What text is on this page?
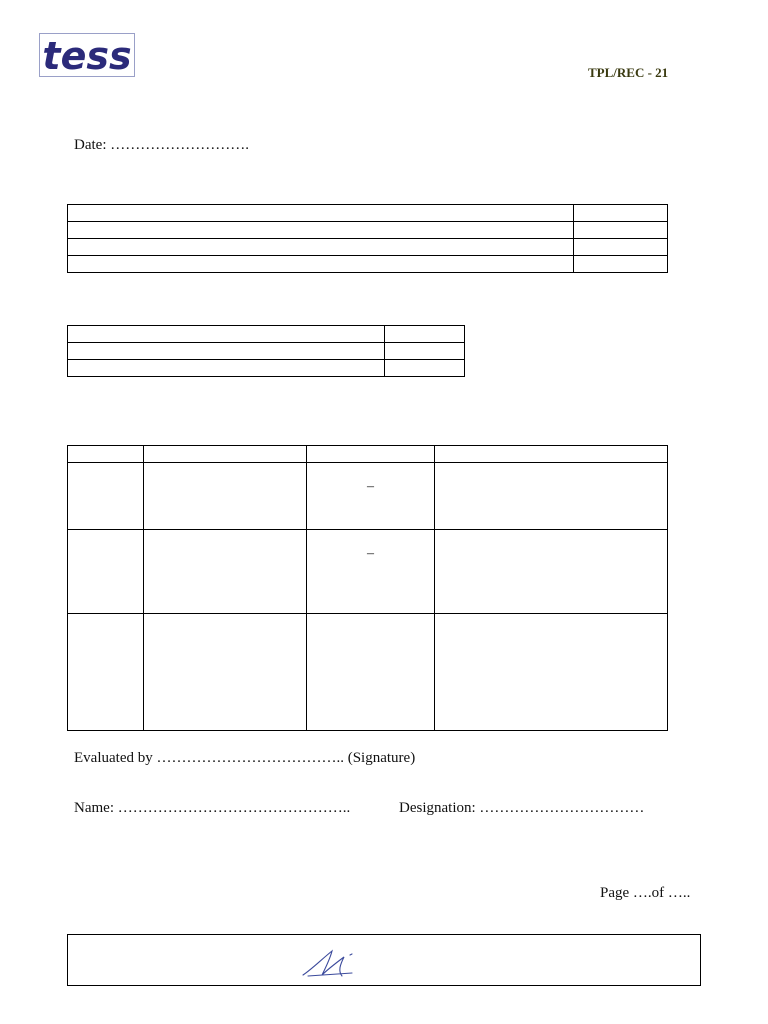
tess	TPL/REC - 21
Date: ……………………….

		–	

		–	

Evaluated by ……………………………….. (Signature)
Name: ………………………………………..	Designation: ……………………………
Page ….of …..
